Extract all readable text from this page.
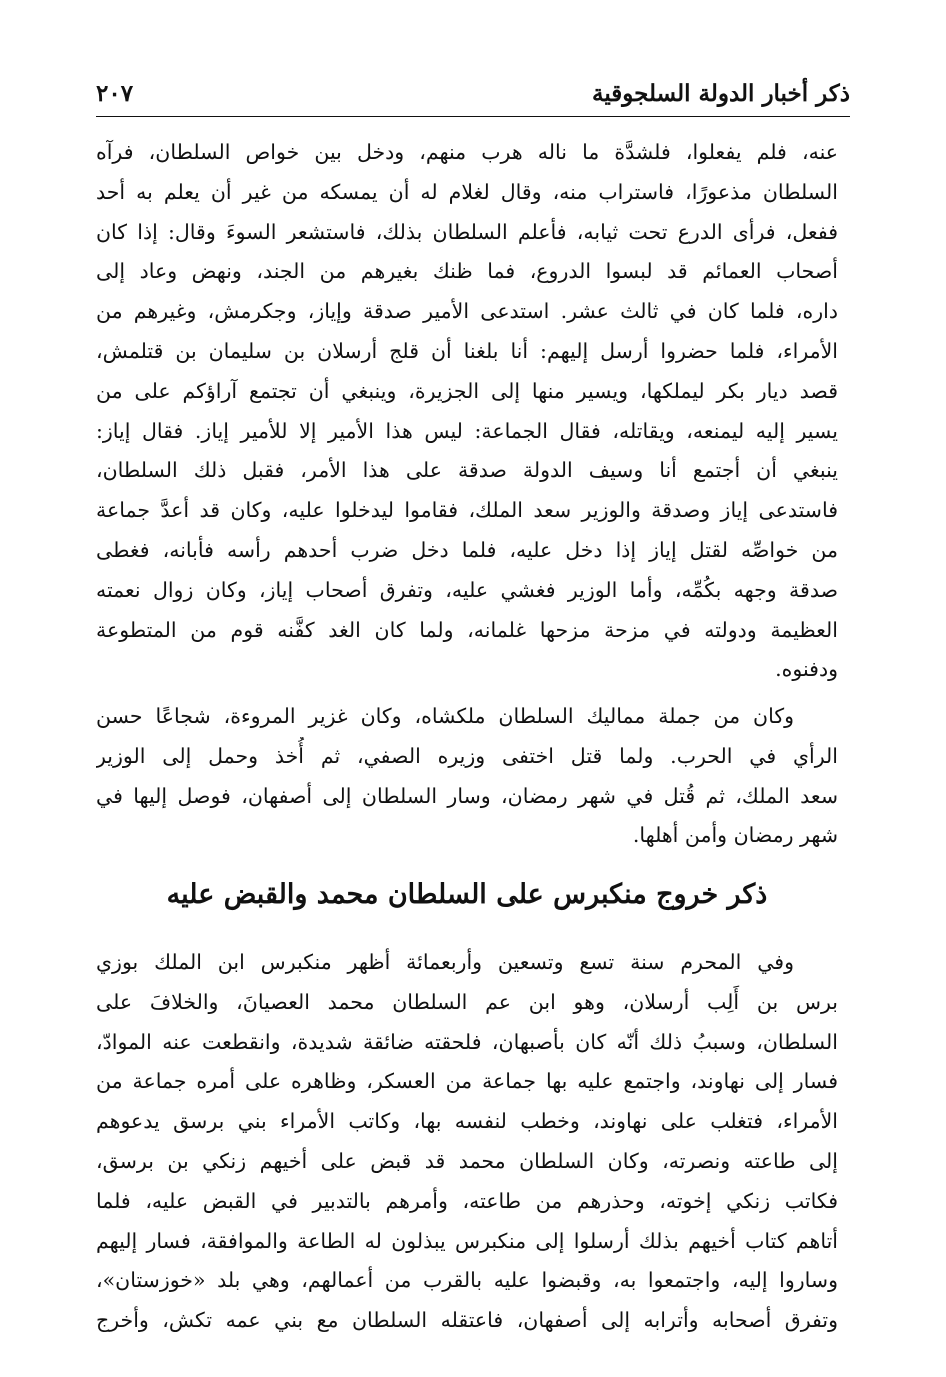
ذكر أخبار الدولة السلجوقية
٢٠٧

عنه، فلم يفعلوا، فلشدَّة ما ناله هرب منهم، ودخل بين خواص السلطان، فرآه
السلطان مذعورًا، فاستراب منه، وقال لغلام له أن يمسكه من غير أن يعلم به أحد
ففعل، فرأى الدرع تحت ثيابه، فأعلم السلطان بذلك، فاستشعر السوءَ وقال: إذا كان
أصحاب العمائم قد لبسوا الدروع، فما ظنك بغيرهم من الجند، ونهض وعاد إلى
داره، فلما كان في ثالث عشر. استدعى الأمير صدقة وإياز، وجكرمش، وغيرهم من
الأمراء، فلما حضروا أرسل إليهم: أنا بلغنا أن قلج أرسلان بن سليمان بن قتلمش،
قصد ديار بكر ليملكها، ويسير منها إلى الجزيرة، وينبغي أن تجتمع آراؤكم على من
يسير إليه ليمنعه، ويقاتله، فقال الجماعة: ليس هذا الأمير إلا للأمير إياز. فقال إياز:
ينبغي أن أجتمع أنا وسيف الدولة صدقة على هذا الأمر، فقبل ذلك السلطان،
فاستدعى إياز وصدقة والوزير سعد الملك، فقاموا ليدخلوا عليه، وكان قد أعدَّ جماعة
من خواصِّه لقتل إياز إذا دخل عليه، فلما دخل ضرب أحدهم رأسه فأبانه، فغطى
صدقة وجهه بكُمِّه، وأما الوزير فغشي عليه، وتفرق أصحاب إياز، وكان زوال نعمته
العظيمة ودولته في مزحة مزحها غلمانه، ولما كان الغد كفَّنه قوم من المتطوعة
ودفنوه.

وكان من جملة مماليك السلطان ملكشاه، وكان غزير المروءة، شجاعًا حسن
الرأي في الحرب. ولما قتل اختفى وزيره الصفي، ثم أُخذ وحمل إلى الوزير
سعد الملك، ثم قُتل في شهر رمضان، وسار السلطان إلى أصفهان، فوصل إليها في
شهر رمضان وأمن أهلها.

ذكر خروج منكبرس على السلطان محمد والقبض عليه

وفي المحرم سنة تسع وتسعين وأربعمائة أظهر منكبرس ابن الملك بوزي
برس بن أَلِب أرسلان، وهو ابن عم السلطان محمد العصيانَ، والخلافَ على
السلطان، وسببُ ذلك أنّه كان بأصبهان، فلحقته ضائقة شديدة، وانقطعت عنه الموادّ،
فسار إلى نهاوند، واجتمع عليه بها جماعة من العسكر، وظاهره على أمره جماعة من
الأمراء، فتغلب على نهاوند، وخطب لنفسه بها، وكاتب الأمراء بني برسق يدعوهم
إلى طاعته ونصرته، وكان السلطان محمد قد قبض على أخيهم زنكي بن برسق،
فكاتب زنكي إخوته، وحذرهم من طاعته، وأمرهم بالتدبير في القبض عليه، فلما
أتاهم كتاب أخيهم بذلك أرسلوا إلى منكبرس يبذلون له الطاعة والموافقة، فسار إليهم
وساروا إليه، واجتمعوا به، وقبضوا عليه بالقرب من أعمالهم، وهي بلد «خوزستان»،
وتفرق أصحابه وأترابه إلى أصفهان، فاعتقله السلطان مع بني عمه تكش، وأخرج
